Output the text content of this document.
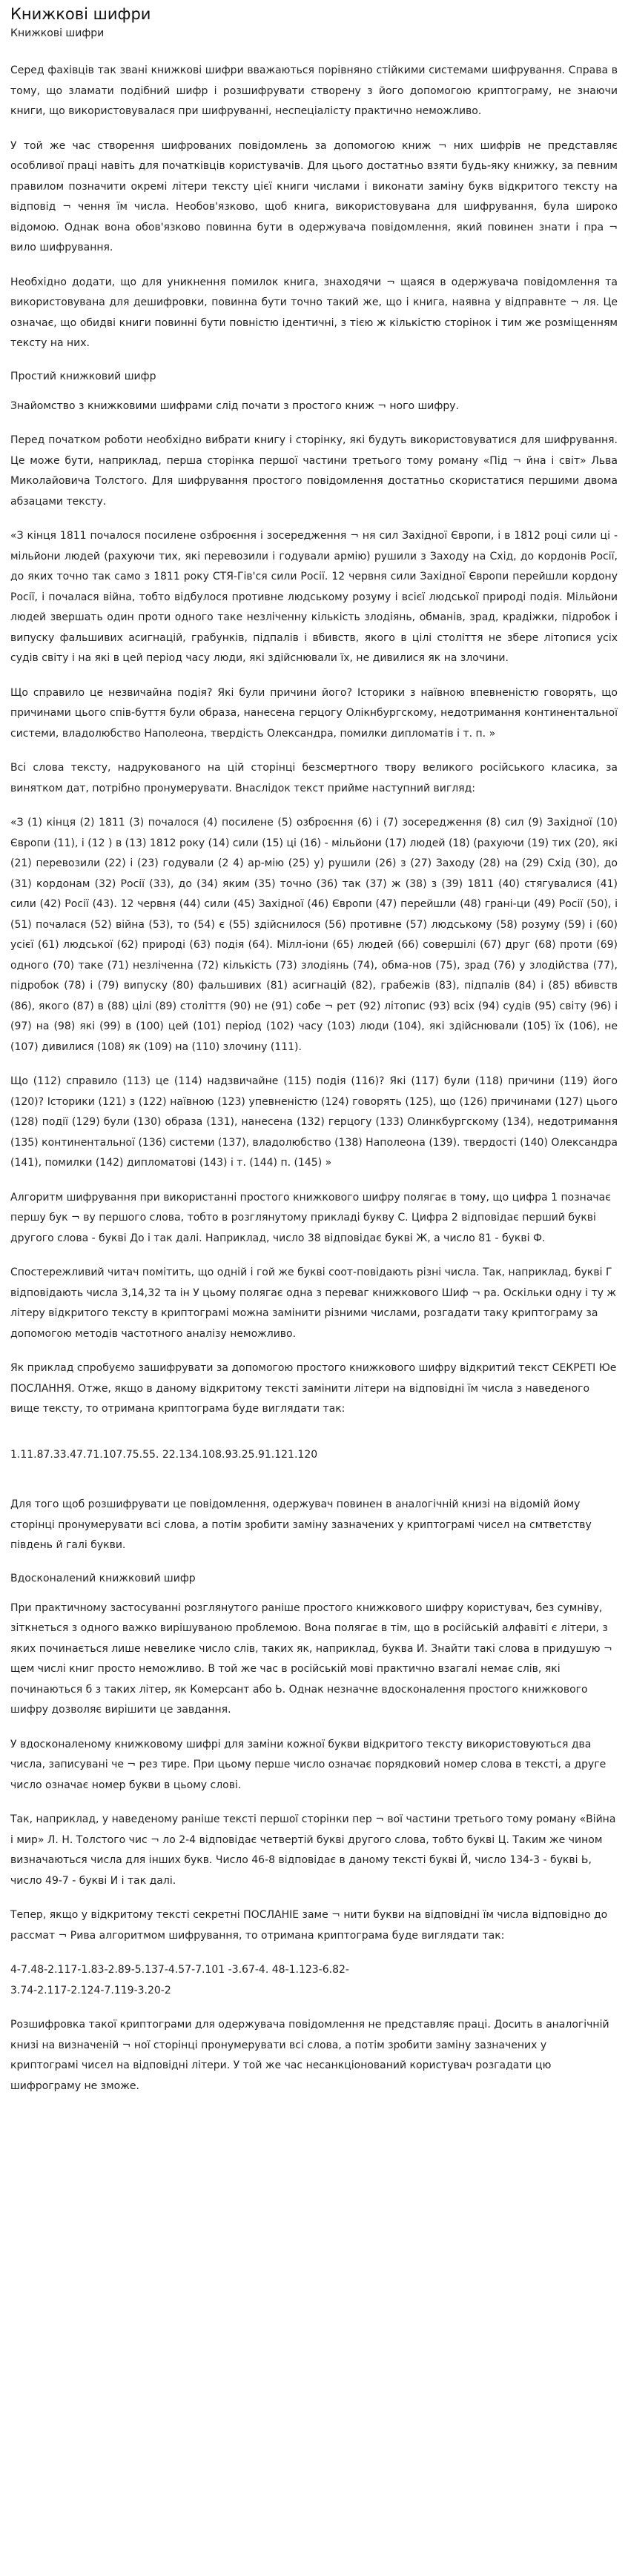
Книжкові шифри
Книжкові шифри

Серед фахівців так звані книжкові шифри вважаються порівняно стійкими системами шифрування. Справа в тому, що зламати подібний шифр і розшифрувати створену з його допомогою криптограму, не знаючи книги, що використовувалася при шифруванні, неспеціалісту практично неможливо.

У той же час створення шифрованих повідомлень за допомогою книж ¬ них шифрів не представляє особливої праці навіть для початківців користувачів. Для цього достатньо взяти будь-яку книжку, за певним правилом позначити окремі літери тексту цієї книги числами і виконати заміну букв відкритого тексту на відповід ¬ чення їм числа. Необов'язково, щоб книга, використовувана для шифрування, була широко відомою. Однак вона обов'язково повинна бути в одержувача повідомлення, який повинен знати і пра ¬ вило шифрування.

Необхідно додати, що для уникнення помилок книга, знаходячи ¬ щаяся в одержувача повідомлення та використовувана для дешифровки, повинна бути точно такий же, що і книга, наявна у відправнте ¬ ля. Це означає, що обидві книги повинні бути повністю ідентичні, з тією ж кількістю сторінок і тим же розміщенням тексту на них.

Простий книжковий шифр

Знайомство з книжковими шифрами слід почати з простого книж ¬ ного шифру.

Перед початком роботи необхідно вибрати книгу і сторінку, які будуть використовуватися для шифрування. Це може бути, наприклад, перша сторінка першої частини третього тому роману «Під ¬ йна і світ» Льва Миколайовича Толстого. Для шифрування простого повідомлення достатньо скористатися першими двома абзацами тексту.

«З кінця 1811 почалося посилене озброєння і зосередження ¬ ня сил Західної Європи, і в 1812 році сили ці - мільйони людей (рахуючи тих, які перевозили і годували армію) рушили з Заходу на Схід, до кордонів Росії, до яких точно так само з 1811 року СТЯ-Гів'ся сили Росії. 12 червня сили Західної Європи перейшли кордону Росії, і почалася війна, тобто відбулося противне людському розуму і всієї людської природі подія. Мільйони людей звершать один проти одного таке незліченну кількість злодіянь, обманів, зрад, крадіжки, підробок і випуску фальшивих асигнацій, грабунків, підпалів і вбивств, якого в цілі століття не збере літопиcя усіх судів світу і на які в цей період часу люди, які здійснювали їх, не дивилися як на злочини.

Що справило це незвичайна подія? Які були причини його? Історики з наївною впевненістю говорять, що причинами цього спів-буття були образа, нанесена герцогу Олікнбургскому, недотримання континентальної системи, владолюбство Наполеона, твердість Олександра, помилки дипломатів і т. п. »

Всі слова тексту, надрукованого на цій сторінці безсмертного твору великого російського класика, за винятком дат, потрібно пронумерувати. Внаслідок текст прийме наступний вигляд:

«З (1) кінця (2) 1811 (3) почалося (4) посилене (5) озброєння (6) і (7) зосередження (8) сил (9) Західної (10) Європи (11), і (12 ) в (13) 1812 року (14) сили (15) ці (16) - мільйони (17) людей (18) (рахуючи (19) тих (20), які (21) перевозили (22) і (23) годували (2 4) ар-мію (25) у) рушили (26) з (27) Заходу (28) на (29) Схід (30), до (31) кордонам (32) Росії (33), до (34) яким (35) точно (36) так (37) ж (38) з (39) 1811 (40) стягувалися (41) сили (42) Росії (43). 12 червня (44) сили (45) Західної (46) Європи (47) перейшли (48) грані-ци (49) Росії (50), і (51) почалася (52) війна (53), то (54) є (55) здійснилося (56) противне (57) людському (58) розуму (59) і (60) усієї (61) людської (62) природі (63) подія (64). Мілл-іони (65) людей (66) совершілі (67) друг (68) проти (69) одного (70) таке (71) незліченна (72) кількість (73) злодіянь (74), обма-нов (75), зрад (76) у злодійства (77), підробок (78) і (79) випуску (80) фальшивих (81) асигнацій (82), грабежів (83), підпалів (84) і (85) вбивств (86), якого (87) в (88) цілі (89) століття (90) не (91) собе ¬ рет (92) літопис (93) всіх (94) судів (95) світу (96) і (97) на (98) які (99) в (100) цей (101) період (102) часу (103) люди (104), які здійснювали (105) їх (106), не (107) дивилися (108) як (109) на (110) злочину (111).

Що (112) справило (113) це (114) надзвичайне (115) подія (116)? Які (117) були (118) причини (119) його (120)? Історики (121) з (122) наївною (123) упевненістю (124) говорять (125), що (126) причинами (127) цього (128) події (129) були (130) образа (131), нанесена (132) герцогу (133) Олинкбургскому (134), недотримання (135) континентальної (136) системи (137), владолюбство (138) Наполеона (139). твердості (140) Олександра (141), помилки (142) дипломатові (143) і т. (144) п. (145) »

Алгоритм шифрування при використанні простого книжкового шифру полягає в тому, що цифра 1 позначає першу бук ¬ ву першого слова, тобто в розглянутому прикладі букву С. Цифра 2 відповідає перший букві другого слова - букві До і так далі. Наприклад, число 38 відповідає букві Ж, а число 81 - букві Ф.

Спостережливий читач помітить, що одній і гой же букві соот-повідають різні числа. Так, наприклад, букві Г відповідають числа 3,14,32 та ін У цьому полягає одна з переваг книжкового Шиф ¬ ра. Оскільки одну і ту ж літеру відкритого тексту в криптограмі можна замінити різними числами, розгадати таку криптограму за допомогою методів частотного аналізу неможливо.

Як приклад спробуємо зашифрувати за допомогою простого книжкового шифру відкритий текст СЕКРЕТІ Юе ПОСЛАННЯ. Отже, якщо в даному відкритому тексті замінити літери на відповідні їм числа з наведеного вище тексту, то отримана криптограма буде виглядати так:

1.11.87.33.47.71.107.75.55. 22.134.108.93.25.91.121.120

Для того щоб розшифрувати це повідомлення, одержувач повинен в аналогічній книзі на відомій йому сторінці пронумерувати всі слова, а потім зробити заміну зазначених у криптограмі чисел на смтветству південь й галі букви.

Вдосконалений книжковий шифр

При практичному застосуванні розглянутого раніше простого книжкового шифру користувач, без сумніву, зіткнеться з одного важко вирішуваною проблемою. Вона полягає в тім, що в російській алфавіті є літери, з яких починається лише невелике число слів, таких як, наприклад, буква И. Знайти такі слова в придушую ¬ щем числі книг просто неможливо. В той же час в російській мові практично взагалі немає слів, які починаються б з таких літер, як Комерсант або Ь. Однак незначне вдосконалення простого книжкового шифру дозволяє вирішити це завдання.

У вдосконаленому книжковому шифрі для заміни кожної букви відкритого тексту використовуються два числа, записувані че ¬ рез тире. При цьому перше число означає порядковий номер слова в тексті, а друге число означає номер букви в цьому слові.

Так, наприклад, у наведеному раніше тексті першої сторінки пер ¬ вої частини третього тому роману «Війна і мир» Л. Н. Толстого чис ¬ ло 2-4 відповідає четвертій букві другого слова, тобто букві Ц. Таким же чином визначаються числа для інших букв. Число 46-8 відповідає в даному тексті букві Й, число 134-3 - букві Ь, число 49-7 - букві И і так далі.

Тепер, якщо у відкритому тексті секретні ПОСЛАНІЕ заме ¬ нити букви на відповідні їм числа відповідно до рассмат ¬ Рива алгоритмом шифрування, то отримана криптограма буде виглядати так:

4-7.48-2.117-1.83-2.89-5.137-4.57-7.101 -3.67-4. 48-1.123-6.82-

3.74-2.117-2.124-7.119-3.20-2

Розшифровка такої криптограми для одержувача повідомлення не представляє праці. Досить в аналогічній книзі на визначеній ¬ ної сторінці пронумерувати всі слова, а потім зробити заміну зазначених у криптограмі чисел на відповідні літери. У той же час несанкціонований користувач розгадати цю шифрограму не зможе.
